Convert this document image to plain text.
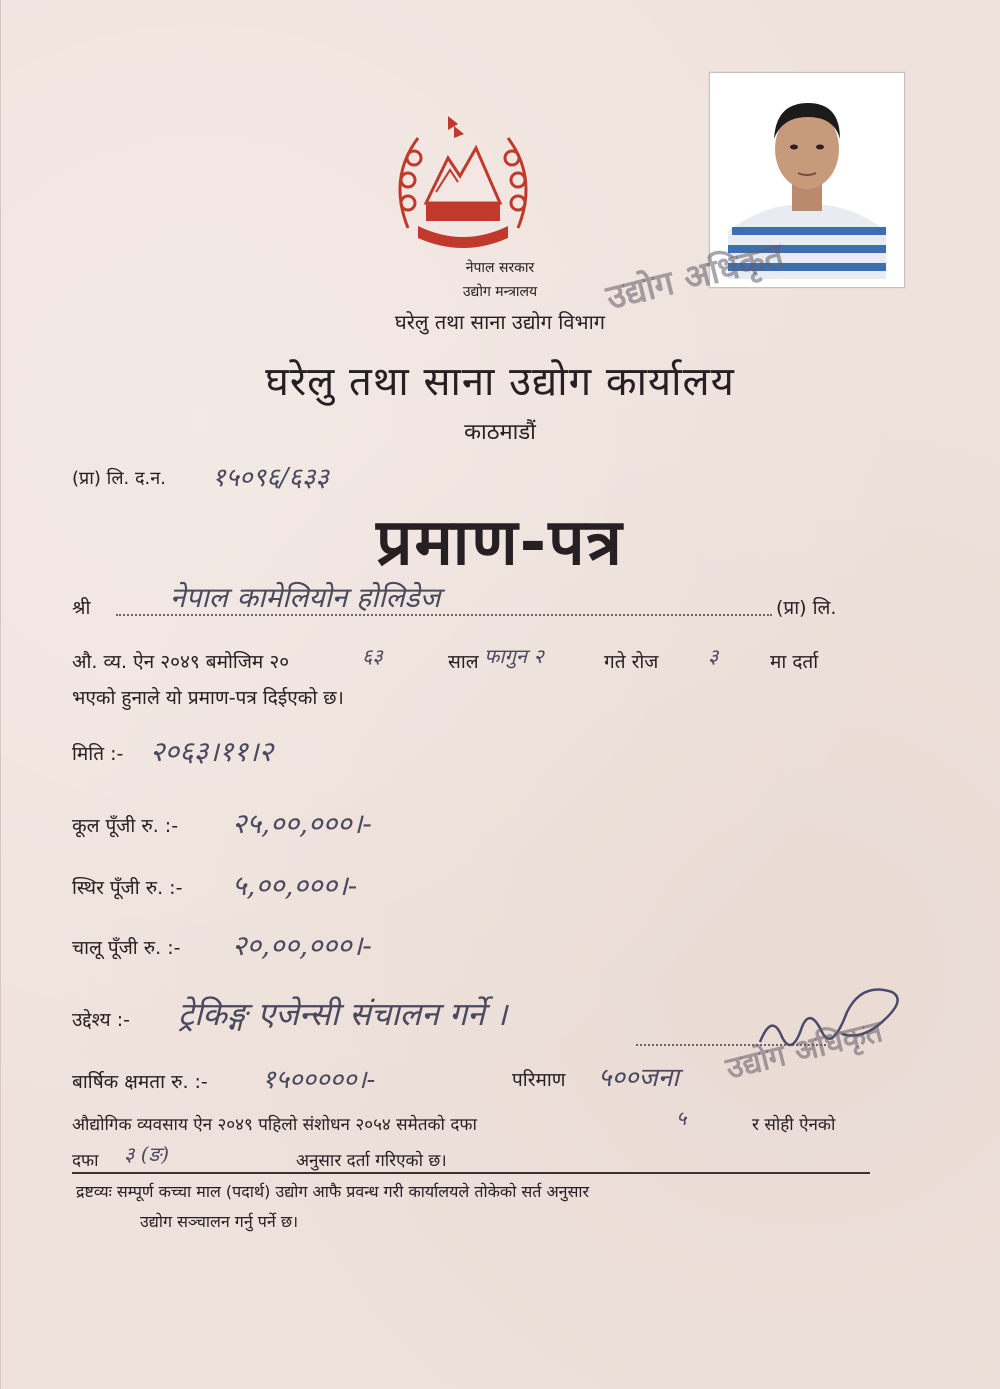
उद्योग अधिकृत
नेपाल सरकार
उद्योग मन्त्रालय
घरेलु तथा साना उद्योग विभाग
घरेलु तथा साना उद्योग कार्यालय
काठमाडौं
(प्रा) लि. द.न. १५०९६/६३३
प्रमाण-पत्र
श्री	नेपाल कामेलियोन होलिडेज	(प्रा) लि.
औ. व्य. ऐन २०४९ बमोजिम २०	६३	साल फागुन २	गते रोज ३	मा दर्ता
भएको हुनाले यो प्रमाण-पत्र दिईएको छ।
मिति :- २०६३।११।२
कूल पूँजी रु. :- २५,००,०००।-
स्थिर पूँजी रु. :- ५,००,०००।-
चालू पूँजी रु. :- २०,००,०००।-
उद्देश्य :- ट्रेकिङ्ग एजेन्सी संचालन गर्ने ।
उद्योग अधिकृत
बार्षिक क्षमता रु. :- १५०००००।-	परिमाण ५००जना
औद्योगिक व्यवसाय ऐन २०४९ पहिलो संशोधन २०५४ समेतको दफा	५	र सोही ऐनको
दफा ३ (ङ)	अनुसार दर्ता गरिएको छ।
द्रष्टव्यः सम्पूर्ण कच्चा माल (पदार्थ) उद्योग आफै प्रवन्ध गरी कार्यालयले तोकेको सर्त अनुसार
उद्योग सञ्चालन गर्नु पर्ने छ।
